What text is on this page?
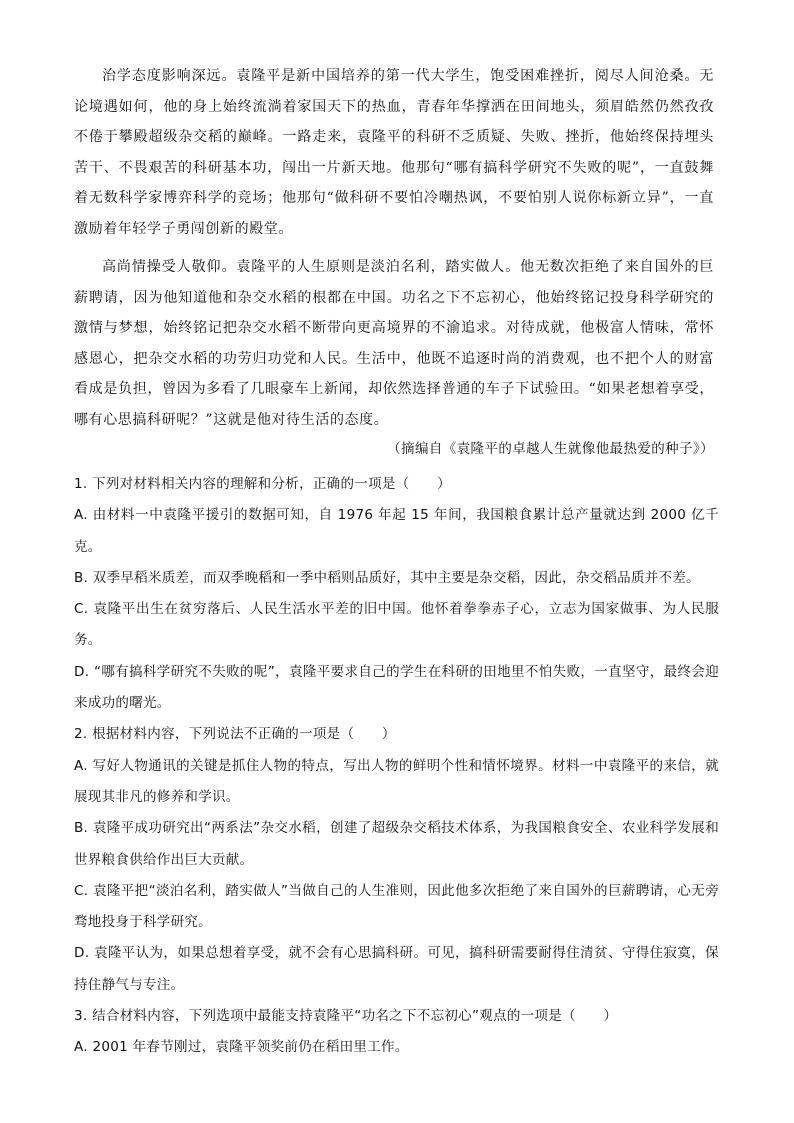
治学态度影响深远。袁隆平是新中国培养的第一代大学生，饱受困难挫折，阅尽人间沧桑。无论境遇如何，他的身上始终流淌着家国天下的热血，青春年华撑洒在田间地头，须眉皓然仍然孜孜不倦于攀殿超级杂交稻的巅峰。一路走来，袁隆平的科研不乏质疑、失败、挫折，他始终保持埋头苦干、不畏艰苦的科研基本功，闯出一片新天地。他那句“哪有搞科学研究不失败的呢”，一直鼓舞着无数科学家博弈科学的竞场；他那句“做科研不要怕冷嘲热讽，不要怕别人说你标新立异”，一直激励着年轻学子勇闯创新的殿堂。

高尚情操受人敬仰。袁隆平的人生原则是淡泊名利，踏实做人。他无数次拒绝了来自国外的巨薪聘请，因为他知道他和杂交水稻的根都在中国。功名之下不忘初心，他始终铭记投身科学研究的激情与梦想，始终铭记把杂交水稻不断带向更高境界的不渝追求。对待成就，他极富人情味，常怀感恩心，把杂交水稻的功劳归功党和人民。生活中，他既不追逐时尚的消费观，也不把个人的财富看成是负担，曾因为多看了几眼豪车上新闻，却依然选择普通的车子下试验田。“如果老想着享受，哪有心思搞科研呢？”这就是他对待生活的态度。

（摘编自《袁隆平的卓越人生就像他最热爱的种子》）

1. 下列对材料相关内容的理解和分析，正确的一项是（　　）

A. 由材料一中袁隆平援引的数据可知，自 1976 年起 15 年间，我国粮食累计总产量就达到 2000 亿千克。

B. 双季早稻米质差，而双季晚稻和一季中稻则品质好，其中主要是杂交稻，因此，杂交稻品质并不差。

C. 袁隆平出生在贫穷落后、人民生活水平差的旧中国。他怀着拳拳赤子心，立志为国家做事、为人民服务。

D. “哪有搞科学研究不失败的呢”，袁隆平要求自己的学生在科研的田地里不怕失败，一直坚守，最终会迎来成功的曙光。

2. 根据材料内容，下列说法不正确的一项是（　　）

A. 写好人物通讯的关键是抓住人物的特点，写出人物的鲜明个性和情怀境界。材料一中袁隆平的来信，就展现其非凡的修养和学识。

B. 袁隆平成功研究出“两系法”杂交水稻，创建了超级杂交稻技术体系，为我国粮食安全、农业科学发展和世界粮食供给作出巨大贡献。

C. 袁隆平把“淡泊名利，踏实做人”当做自己的人生准则，因此他多次拒绝了来自国外的巨薪聘请，心无旁骛地投身于科学研究。

D. 袁隆平认为，如果总想着享受，就不会有心思搞科研。可见，搞科研需要耐得住清贫、守得住寂寞，保持住静气与专注。

3. 结合材料内容，下列选项中最能支持袁隆平“功名之下不忘初心”观点的一项是（　　）

A. 2001 年春节刚过，袁隆平领奖前仍在稻田里工作。
